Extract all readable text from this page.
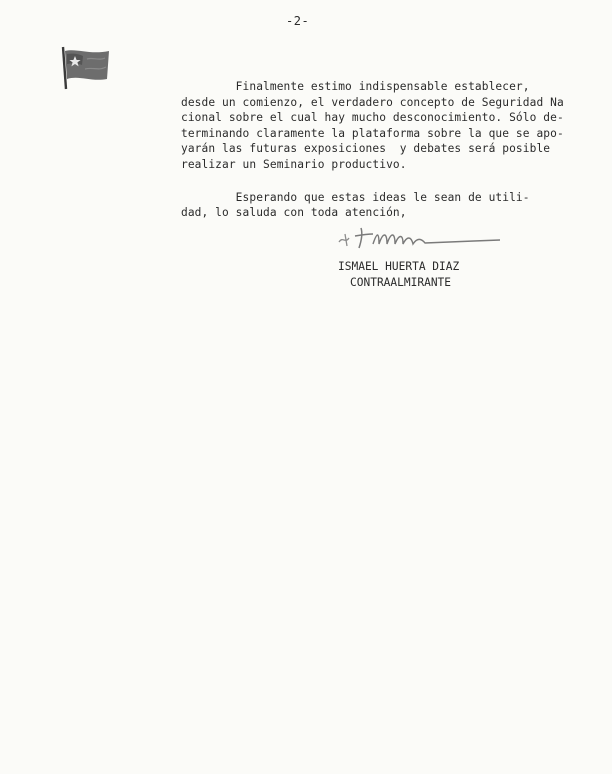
-2-

Finalmente estimo indispensable establecer,

desde un comienzo, el verdadero concepto de Seguridad Na

cional sobre el cual hay mucho desconocimiento. Sólo de-

terminando claramente la plataforma sobre la que se apo-

yarán las futuras exposiciones  y debates será posible

realizar un Seminario productivo.

Esperando que estas ideas le sean de utili-

dad, lo saluda con toda atención,

ISMAEL HUERTA DIAZ
CONTRAALMIRANTE
